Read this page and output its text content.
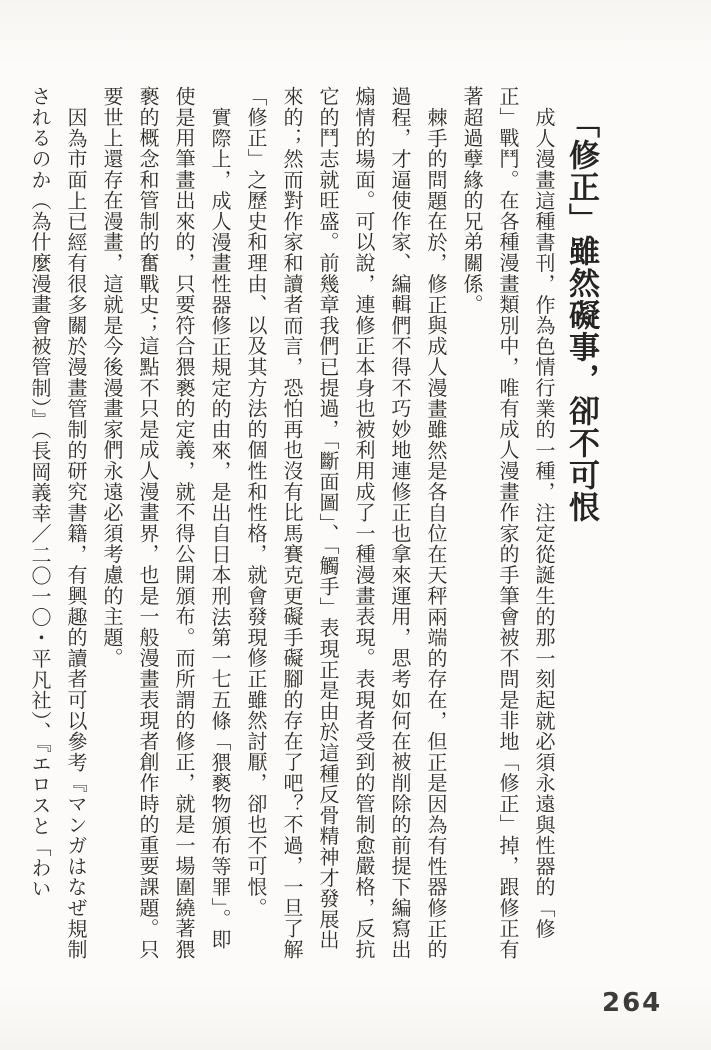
「修正」雖然礙事，卻不可恨

成人漫畫這種書刊，作為色情行業的一種，注定從誕生的那一刻起就必須永遠與性器的「修正」戰鬥。在各種漫畫類別中，唯有成人漫畫作家的手筆會被不問是非地「修正」掉，跟修正有著超過孽緣的兄弟關係。

棘手的問題在於，修正與成人漫畫雖然是各自位在天秤兩端的存在，但正是因為有性器修正的過程，才逼使作家、編輯們不得不巧妙地連修正也拿來運用，思考如何在被削除的前提下編寫出煽情的場面。可以說，連修正本身也被利用成了一種漫畫表現。表現者受到的管制愈嚴格，反抗它的鬥志就旺盛。前幾章我們已提過，「斷面圖」、「觸手」表現正是由於這種反骨精神才發展出來的；然而對作家和讀者而言，恐怕再也沒有比馬賽克更礙手礙腳的存在了吧？不過，一旦了解「修正」之歷史和理由、以及其方法的個性和性格，就會發現修正雖然討厭，卻也不可恨。

實際上，成人漫畫性器修正規定的由來，是出自日本刑法第一七五條「猥褻物頒布等罪」。即使是用筆畫出來的，只要符合猥褻的定義，就不得公開頒布。而所謂的修正，就是一場圍繞著猥褻的概念和管制的奮戰史；這點不只是成人漫畫界，也是一般漫畫表現者創作時的重要課題。只要世上還存在漫畫，這就是今後漫畫家們永遠必須考慮的主題。

因為市面上已經有很多關於漫畫管制的研究書籍，有興趣的讀者可以參考『マンガはなぜ規制されるのか（為什麼漫畫會被管制）』（長岡義幸／二〇一〇・平凡社）、『エロスと「わい

264
